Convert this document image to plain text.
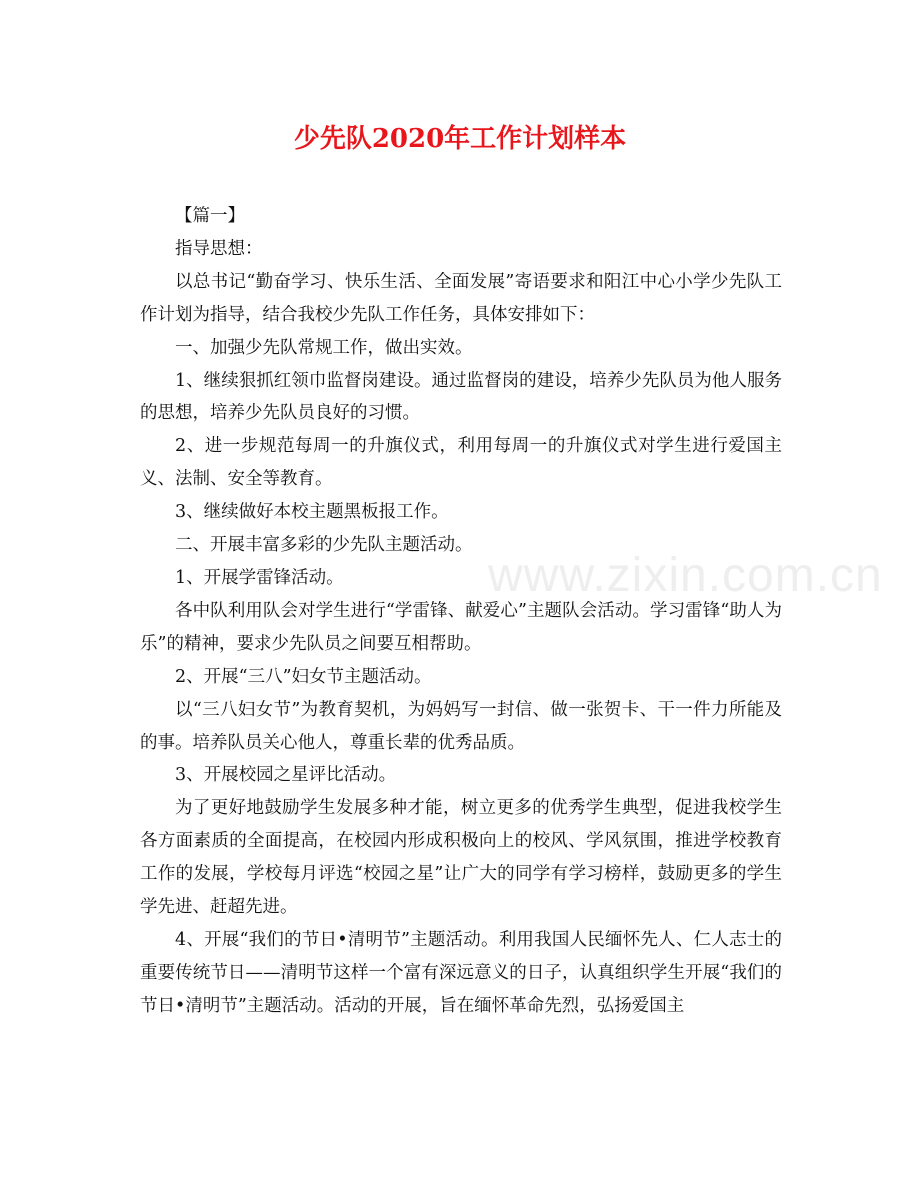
少先队2020年工作计划样本

【篇一】

指导思想：

以总书记“勤奋学习、快乐生活、全面发展”寄语要求和阳江中心小学少先队工作计划为指导，结合我校少先队工作任务，具体安排如下：

一、加强少先队常规工作，做出实效。

1、继续狠抓红领巾监督岗建设。通过监督岗的建设，培养少先队员为他人服务的思想，培养少先队员良好的习惯。

2、进一步规范每周一的升旗仪式，利用每周一的升旗仪式对学生进行爱国主义、法制、安全等教育。

3、继续做好本校主题黑板报工作。

二、开展丰富多彩的少先队主题活动。

1、开展学雷锋活动。

各中队利用队会对学生进行“学雷锋、献爱心”主题队会活动。学习雷锋“助人为乐”的精神，要求少先队员之间要互相帮助。

2、开展“三八”妇女节主题活动。

以“三八妇女节”为教育契机，为妈妈写一封信、做一张贺卡、干一件力所能及的事。培养队员关心他人，尊重长辈的优秀品质。

3、开展校园之星评比活动。

为了更好地鼓励学生发展多种才能，树立更多的优秀学生典型，促进我校学生各方面素质的全面提高，在校园内形成积极向上的校风、学风氛围，推进学校教育工作的发展，学校每月评选“校园之星”让广大的同学有学习榜样，鼓励更多的学生学先进、赶超先进。

4、开展“我们的节日•清明节”主题活动。利用我国人民缅怀先人、仁人志士的重要传统节日——清明节这样一个富有深远意义的日子，认真组织学生开展“我们的节日•清明节”主题活动。活动的开展，旨在缅怀革命先烈，弘扬爱国主

www.zixin.com.cn
